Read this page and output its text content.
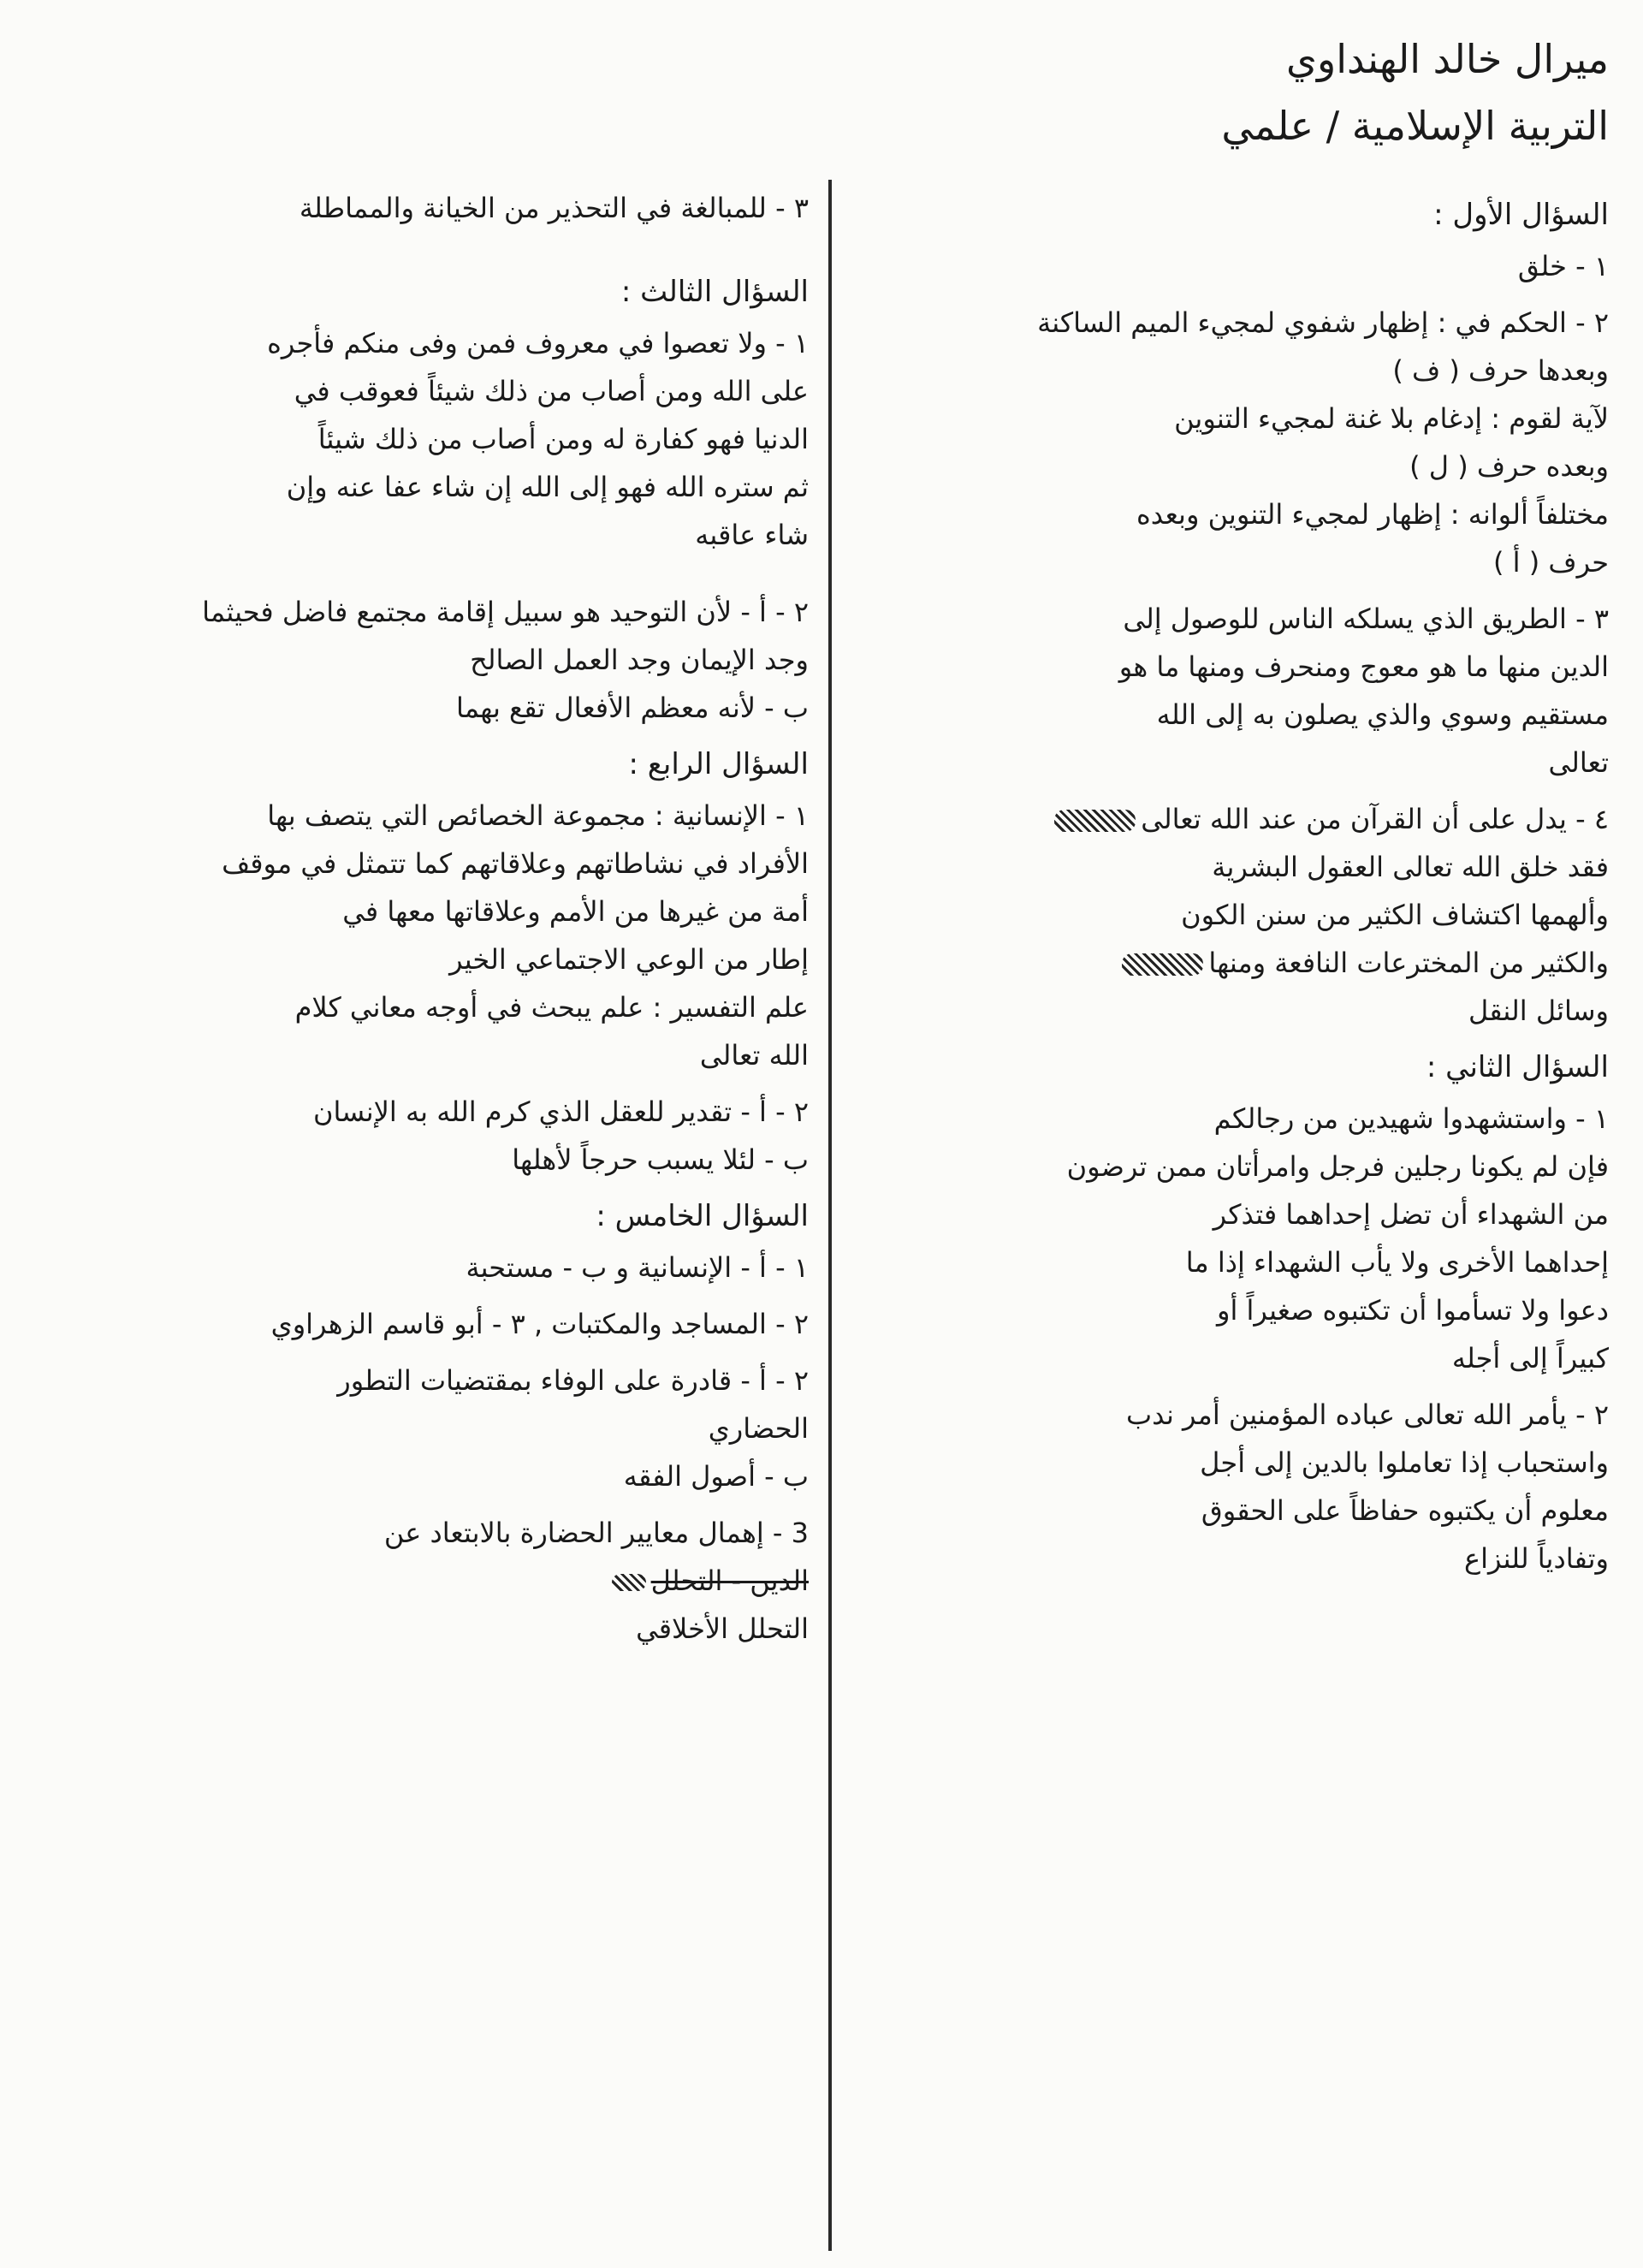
ميرال خالد الهنداوي
التربية الإسلامية / علمي
السؤال الأول :

١ - خلق

٢ - الحكم في : إظهار شفوي لمجيء الميم الساكنة

وبعدها حرف ( ف )

لآية لقوم : إدغام بلا غنة لمجيء التنوين

وبعده حرف ( ل )

مختلفاً ألوانه : إظهار لمجيء التنوين وبعده

حرف ( أ )

٣ - الطريق الذي يسلكه الناس للوصول إلى

الدين منها ما هو معوج ومنحرف ومنها ما هو

مستقيم وسوي والذي يصلون به إلى الله

تعالى

٤ - يدل على أن القرآن من عند الله تعالى

فقد خلق الله تعالى العقول البشرية

وألهمها اكتشاف الكثير من سنن الكون

والكثير من المخترعات النافعة ومنها

وسائل النقل

السؤال الثاني :

١ - واستشهدوا شهيدين من رجالكم

فإن لم يكونا رجلين فرجل وامرأتان ممن ترضون

من الشهداء أن تضل إحداهما فتذكر

إحداهما الأخرى ولا يأب الشهداء إذا ما

دعوا ولا تسأموا أن تكتبوه صغيراً أو

كبيراً إلى أجله

٢ - يأمر الله تعالى عباده المؤمنين أمر ندب

واستحباب إذا تعاملوا بالدين إلى أجل

معلوم أن يكتبوه حفاظاً على الحقوق

وتفادياً للنزاع

٣ - للمبالغة في التحذير من الخيانة والمماطلة

السؤال الثالث :

١ - ولا تعصوا في معروف فمن وفى منكم فأجره

على الله ومن أصاب من ذلك شيئاً فعوقب في

الدنيا فهو كفارة له ومن أصاب من ذلك شيئاً

ثم ستره الله فهو إلى الله إن شاء عفا عنه وإن

شاء عاقبه

٢ - أ - لأن التوحيد هو سبيل إقامة مجتمع فاضل فحيثما

وجد الإيمان وجد العمل الصالح

ب - لأنه معظم الأفعال تقع بهما

السؤال الرابع :

١ - الإنسانية : مجموعة الخصائص التي يتصف بها

الأفراد في نشاطاتهم وعلاقاتهم كما تتمثل في موقف

أمة من غيرها من الأمم وعلاقاتها معها في

إطار من الوعي الاجتماعي الخير

علم التفسير : علم يبحث في أوجه معاني كلام

الله تعالى

٢ - أ - تقدير للعقل الذي كرم الله به الإنسان

ب - لئلا يسبب حرجاً لأهلها

السؤال الخامس :

١ - أ - الإنسانية و ب - مستحبة

٢ - المساجد والمكتبات , ٣ - أبو قاسم الزهراوي

٢ - أ - قادرة على الوفاء بمقتضيات التطور

الحضاري

ب - أصول الفقه

3 - إهمال معايير الحضارة بالابتعاد عن

الدين - التحلل

التحلل الأخلاقي
